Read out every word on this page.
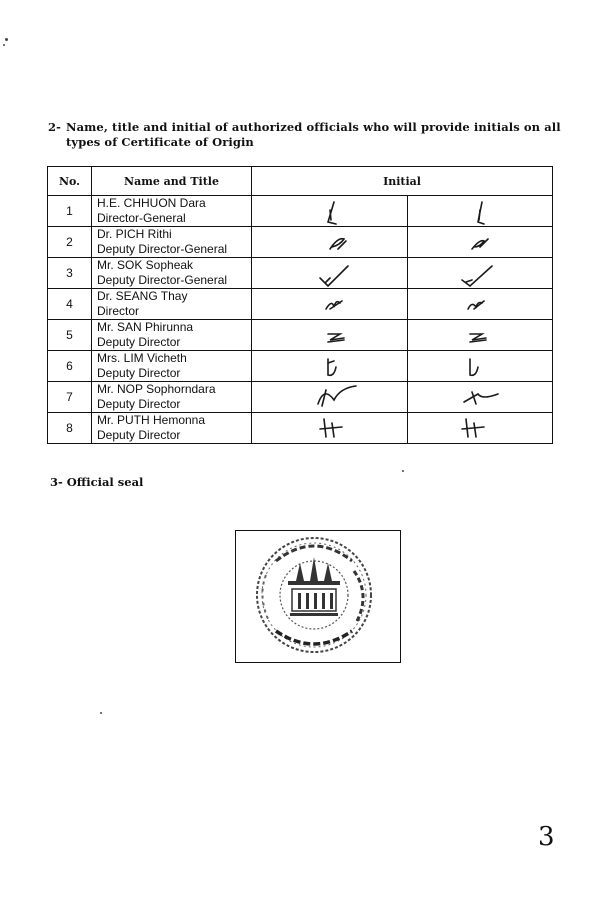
2- Name, title and initial of authorized officials who will provide initials on all
types of Certificate of Origin
No.	Name and Title	Initial	
1	H.E. CHHUON Dara
Director-General

2	Dr. PICH Rithi
Deputy Director-General

3	Mr. SOK Sopheak
Deputy Director-General

4	Dr. SEANG Thay
Director

5	Mr. SAN Phirunna
Deputy Director

6	Mrs. LIM Vicheth
Deputy Director

7	Mr. NOP Sophorndara
Deputy Director

8	Mr. PUTH Hemonna
Deputy Director

3- Official seal
3
